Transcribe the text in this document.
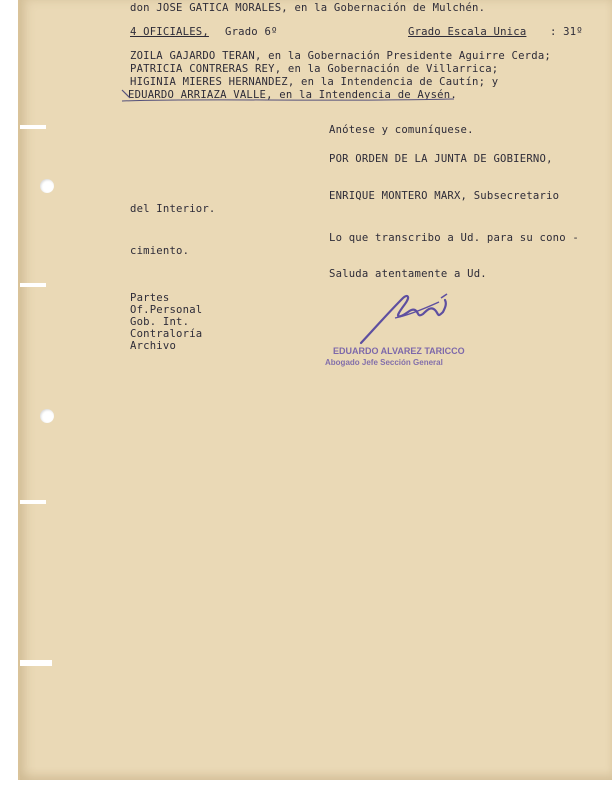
don JOSE GATICA MORALES, en la Gobernación de Mulchén.
4 OFICIALES, Grado 6º	Grado Escala Unica : 31º
ZOILA GAJARDO TERAN, en la Gobernación Presidente Aguirre Cerda;
PATRICIA CONTRERAS REY, en la Gobernación de Villarrica;
HIGINIA MIERES HERNANDEZ, en la Intendencia de Cautín; y
EDUARDO ARRIAZA VALLE, en la Intendencia de Aysén.
Anótese y comuníquese.
POR ORDEN DE LA JUNTA DE GOBIERNO,
ENRIQUE MONTERO MARX, Subsecretario
del Interior.
Lo que transcribo a Ud. para su cono -
cimiento.
Saluda atentamente a Ud.
Partes
Of.Personal
Gob. Int.
Contraloría
Archivo	EDUARDO ALVAREZ TARICCO
Abogado Jefe Sección General
